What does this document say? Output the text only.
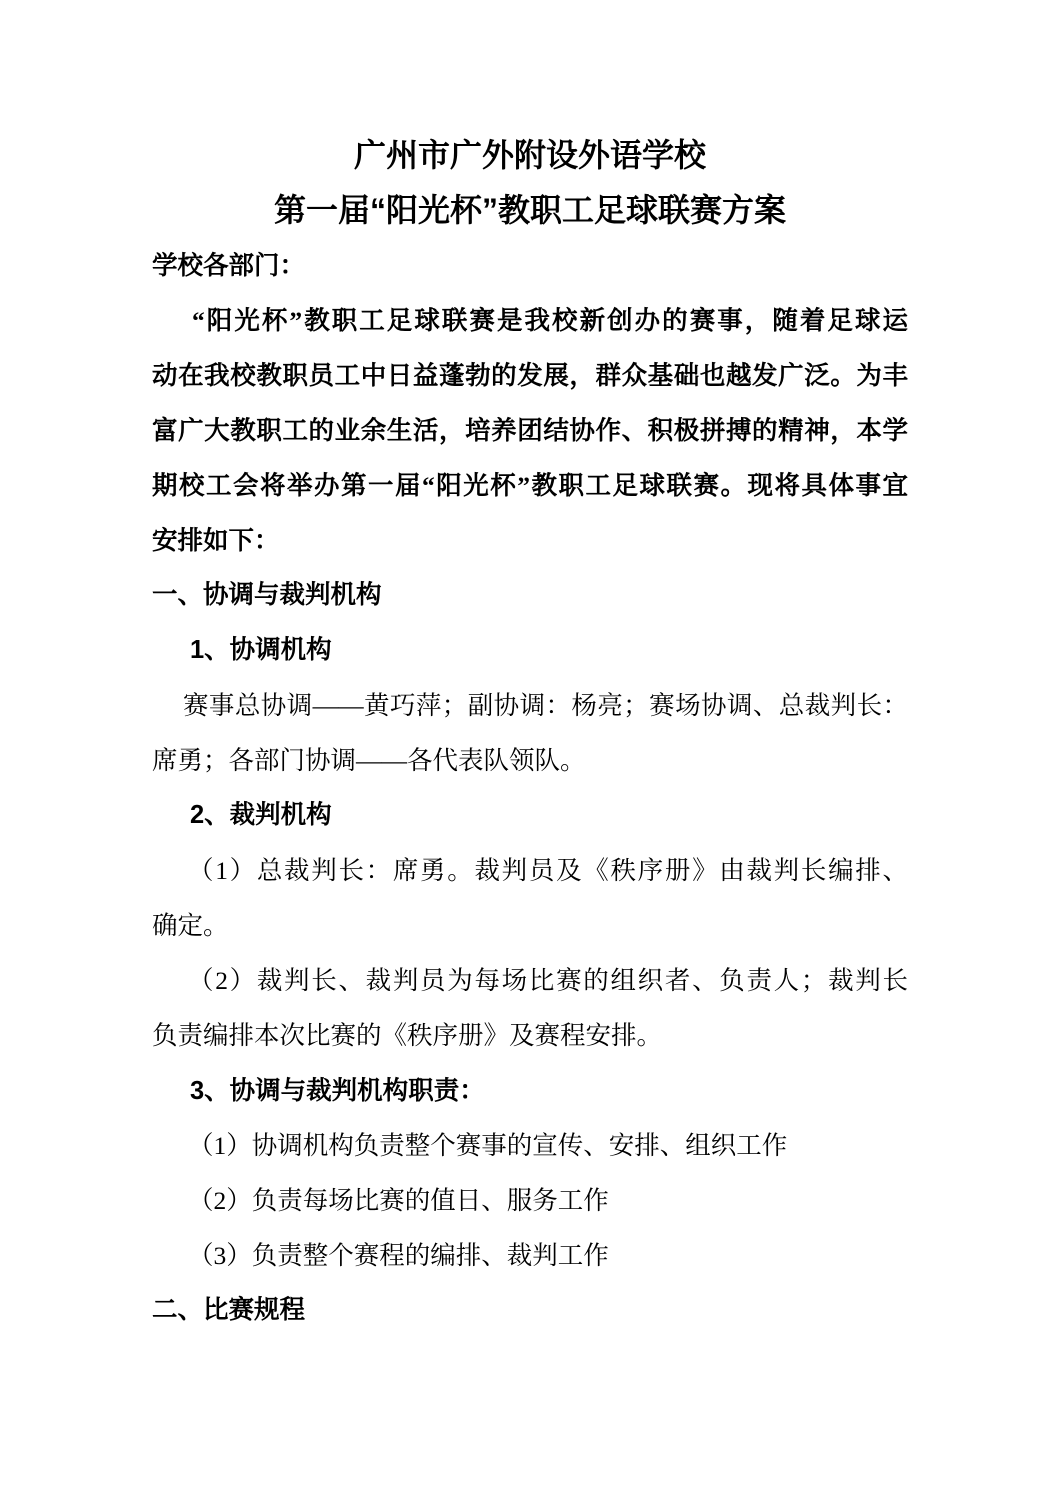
广州市广外附设外语学校
第一届“阳光杯”教职工足球联赛方案
学校各部门：
“阳光杯”教职工足球联赛是我校新创办的赛事，随着足球运
动在我校教职员工中日益蓬勃的发展，群众基础也越发广泛。为丰
富广大教职工的业余生活，培养团结协作、积极拼搏的精神，本学
期校工会将举办第一届“阳光杯”教职工足球联赛。现将具体事宜
安排如下：
一、协调与裁判机构
1、协调机构
赛事总协调——黄巧萍；副协调：杨亮；赛场协调、总裁判长：
席勇；各部门协调——各代表队领队。
2、裁判机构
（1）总裁判长：席勇。裁判员及《秩序册》由裁判长编排、
确定。
（2）裁判长、裁判员为每场比赛的组织者、负责人；裁判长
负责编排本次比赛的《秩序册》及赛程安排。
3、协调与裁判机构职责：
（1）协调机构负责整个赛事的宣传、安排、组织工作
（2）负责每场比赛的值日、服务工作
（3）负责整个赛程的编排、裁判工作
二、比赛规程
